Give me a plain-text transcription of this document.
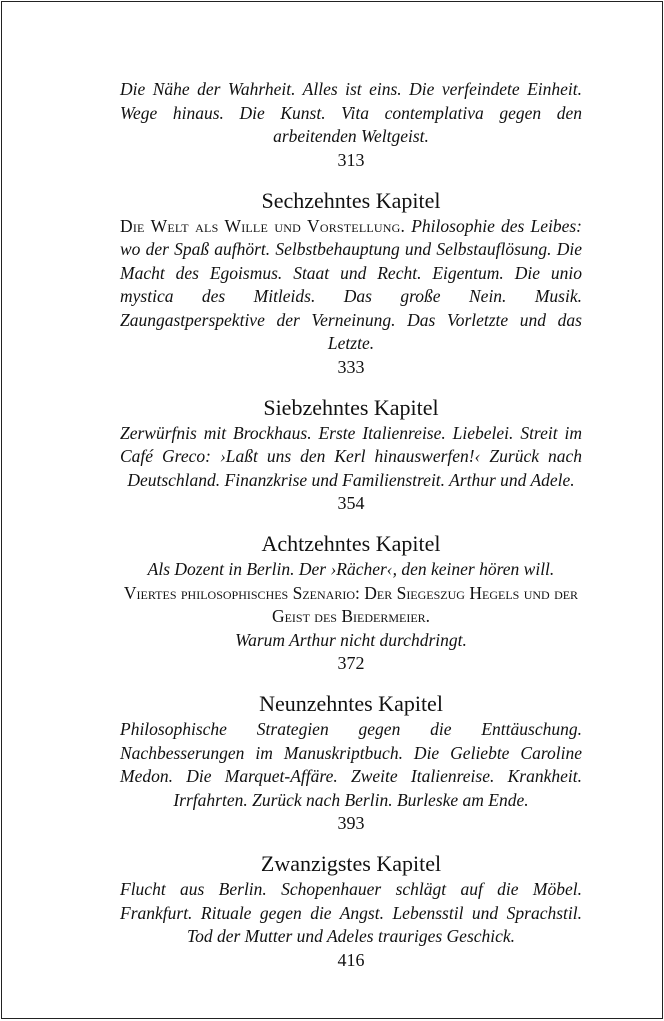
Die Nähe der Wahrheit. Alles ist eins. Die verfeindete Einheit. Wege hinaus. Die Kunst. Vita contemplativa gegen den arbeitenden Weltgeist.

313

Sechzehntes Kapitel

Die Welt als Wille und Vorstellung. Philosophie des Leibes: wo der Spaß aufhört. Selbstbehauptung und Selbstauflösung. Die Macht des Egoismus. Staat und Recht. Eigentum. Die unio mystica des Mitleids. Das große Nein. Musik. Zaungastperspektive der Verneinung. Das Vorletzte und das Letzte.

333

Siebzehntes Kapitel

Zerwürfnis mit Brockhaus. Erste Italienreise. Liebelei. Streit im Café Greco: ›Laßt uns den Kerl hinauswerfen!‹ Zurück nach Deutschland. Finanzkrise und Familienstreit. Arthur und Adele.

354

Achtzehntes Kapitel

Als Dozent in Berlin. Der ›Rächer‹, den keiner hören will.

Viertes philosophisches Szenario: Der Siegeszug Hegels und der Geist des Biedermeier.

Warum Arthur nicht durchdringt.

372

Neunzehntes Kapitel

Philosophische Strategien gegen die Enttäuschung. Nachbesserungen im Manuskriptbuch. Die Geliebte Caroline Medon. Die Marquet-Affäre. Zweite Italienreise. Krankheit. Irrfahrten. Zurück nach Berlin. Burleske am Ende.

393

Zwanzigstes Kapitel

Flucht aus Berlin. Schopenhauer schlägt auf die Möbel. Frankfurt. Rituale gegen die Angst. Lebensstil und Sprachstil. Tod der Mutter und Adeles trauriges Geschick.

416
